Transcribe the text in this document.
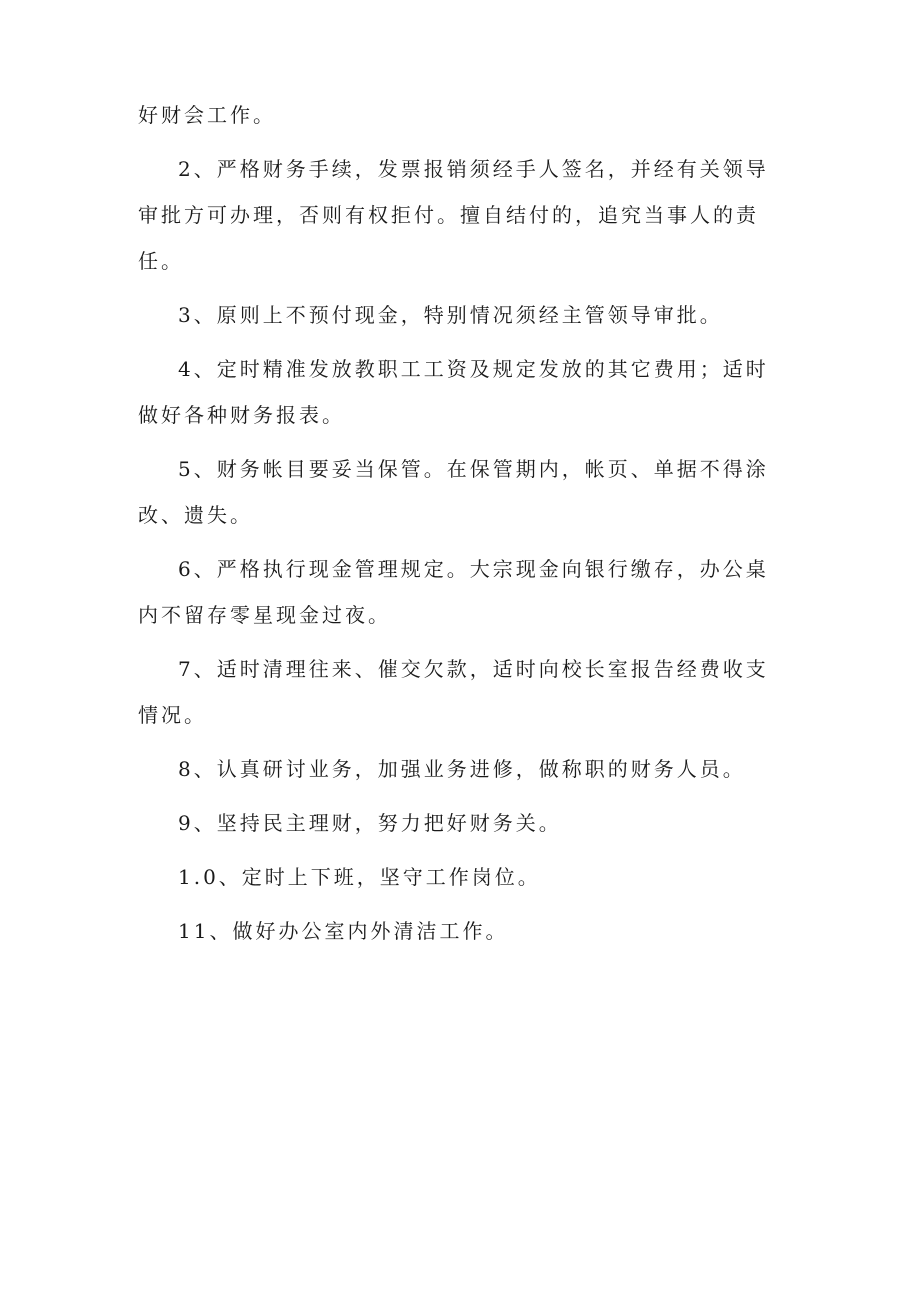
好财会工作。

2、严格财务手续，发票报销须经手人签名，并经有关领导审批方可办理，否则有权拒付。擅自结付的，追究当事人的责任。

3、原则上不预付现金，特别情况须经主管领导审批。

4、定时精准发放教职工工资及规定发放的其它费用；适时做好各种财务报表。

5、财务帐目要妥当保管。在保管期内，帐页、单据不得涂改、遗失。

6、严格执行现金管理规定。大宗现金向银行缴存，办公桌内不留存零星现金过夜。

7、适时清理往来、催交欠款，适时向校长室报告经费收支情况。

8、认真研讨业务，加强业务进修，做称职的财务人员。

9、坚持民主理财，努力把好财务关。

1.0、定时上下班，坚守工作岗位。

11、做好办公室内外清洁工作。
